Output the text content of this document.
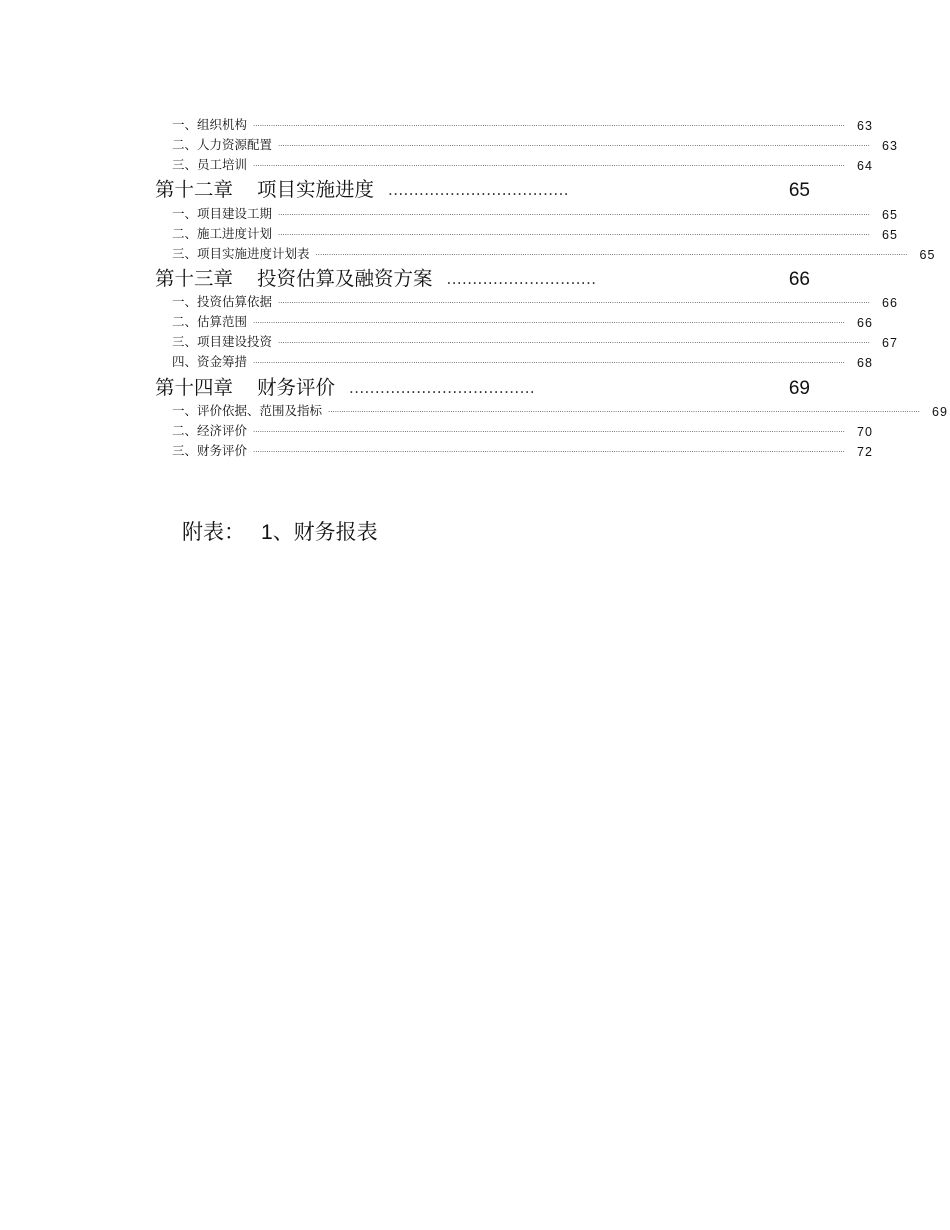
一、组织机构 .......................................................................................................................................................................................................................................................................... 63
二、人力资源配置 .......................................................................................................................................................................................................................................................................... 63
三、员工培训 .......................................................................................................................................................................................................................................................................... 64
第十二章	项目实施进度 ...................................	65
一、项目建设工期 .......................................................................................................................................................................................................................................................................... 65
二、施工进度计划 .......................................................................................................................................................................................................................................................................... 65
三、项目实施进度计划表 .......................................................................................................................................................................................................................................................................... 65
第十三章	投资估算及融资方案 .............................	66
一、投资估算依据 .......................................................................................................................................................................................................................................................................... 66
二、估算范围 .......................................................................................................................................................................................................................................................................... 66
三、项目建设投资 .......................................................................................................................................................................................................................................................................... 67
四、资金筹措 .......................................................................................................................................................................................................................................................................... 68
第十四章	财务评价 ....................................	69
一、评价依据、范围及指标 .......................................................................................................................................................................................................................................................................... 69
二、经济评价 .......................................................................................................................................................................................................................................................................... 70
三、财务评价 .......................................................................................................................................................................................................................................................................... 72
附表： 1、财务报表
